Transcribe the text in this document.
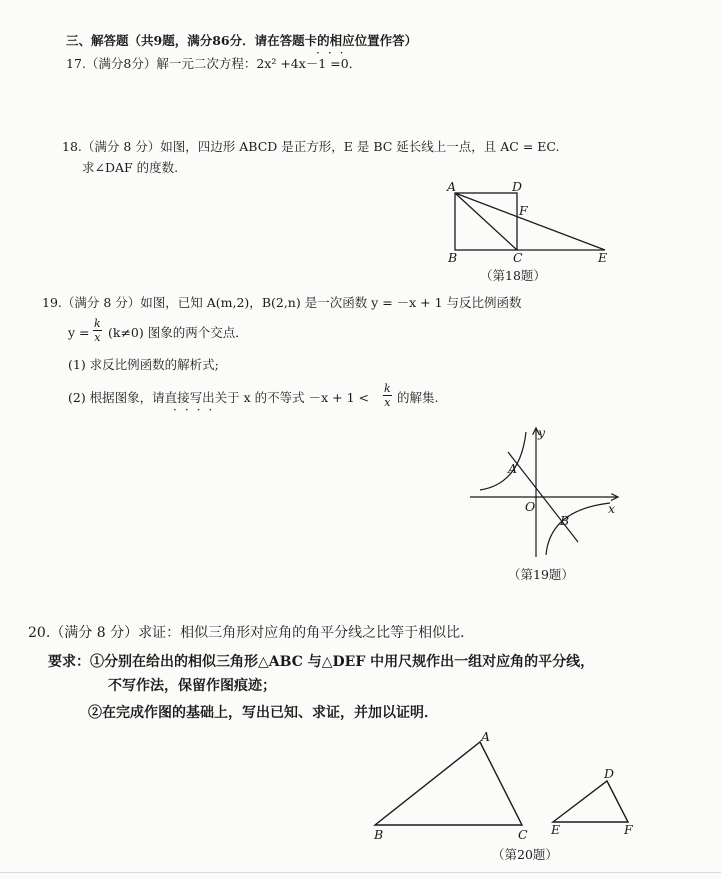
三、解答题（共9题，满分86分．请在答题卡的相应位置作答）
···
17.（满分8分）解一元二次方程：2x² +4x－1 =0.
18.（满分 8 分）如图，四边形 ABCD 是正方形，E 是 BC 延长线上一点，且 AC = EC.
求∠DAF 的度数.
A	D
F
B	C	E
（第18题）
19.（满分 8 分）如图，已知 A(m,2)，B(2,n) 是一次函数 y = －x + 1 与反比例函数
$y = \frac{k}{x} (k\ne 0)$ 图象的两个交点．
(1) 求反比例函数的解析式;
(2) 根据图象，请直接写出关于 x 的不等式 $-x + 1 < \frac{k}{x}$ 的解集.
····
y
x
O
A
B
（第19题）
20.（满分 8 分）求证：相似三角形对应角的角平分线之比等于相似比．
要求：①分别在给出的相似三角形△ABC 与△DEF 中用尺规作出一组对应角的平分线，
不写作法，保留作图痕迹；
②在完成作图的基础上，写出已知、求证，并加以证明．
A
B	C
D
E	F
（第20题）
